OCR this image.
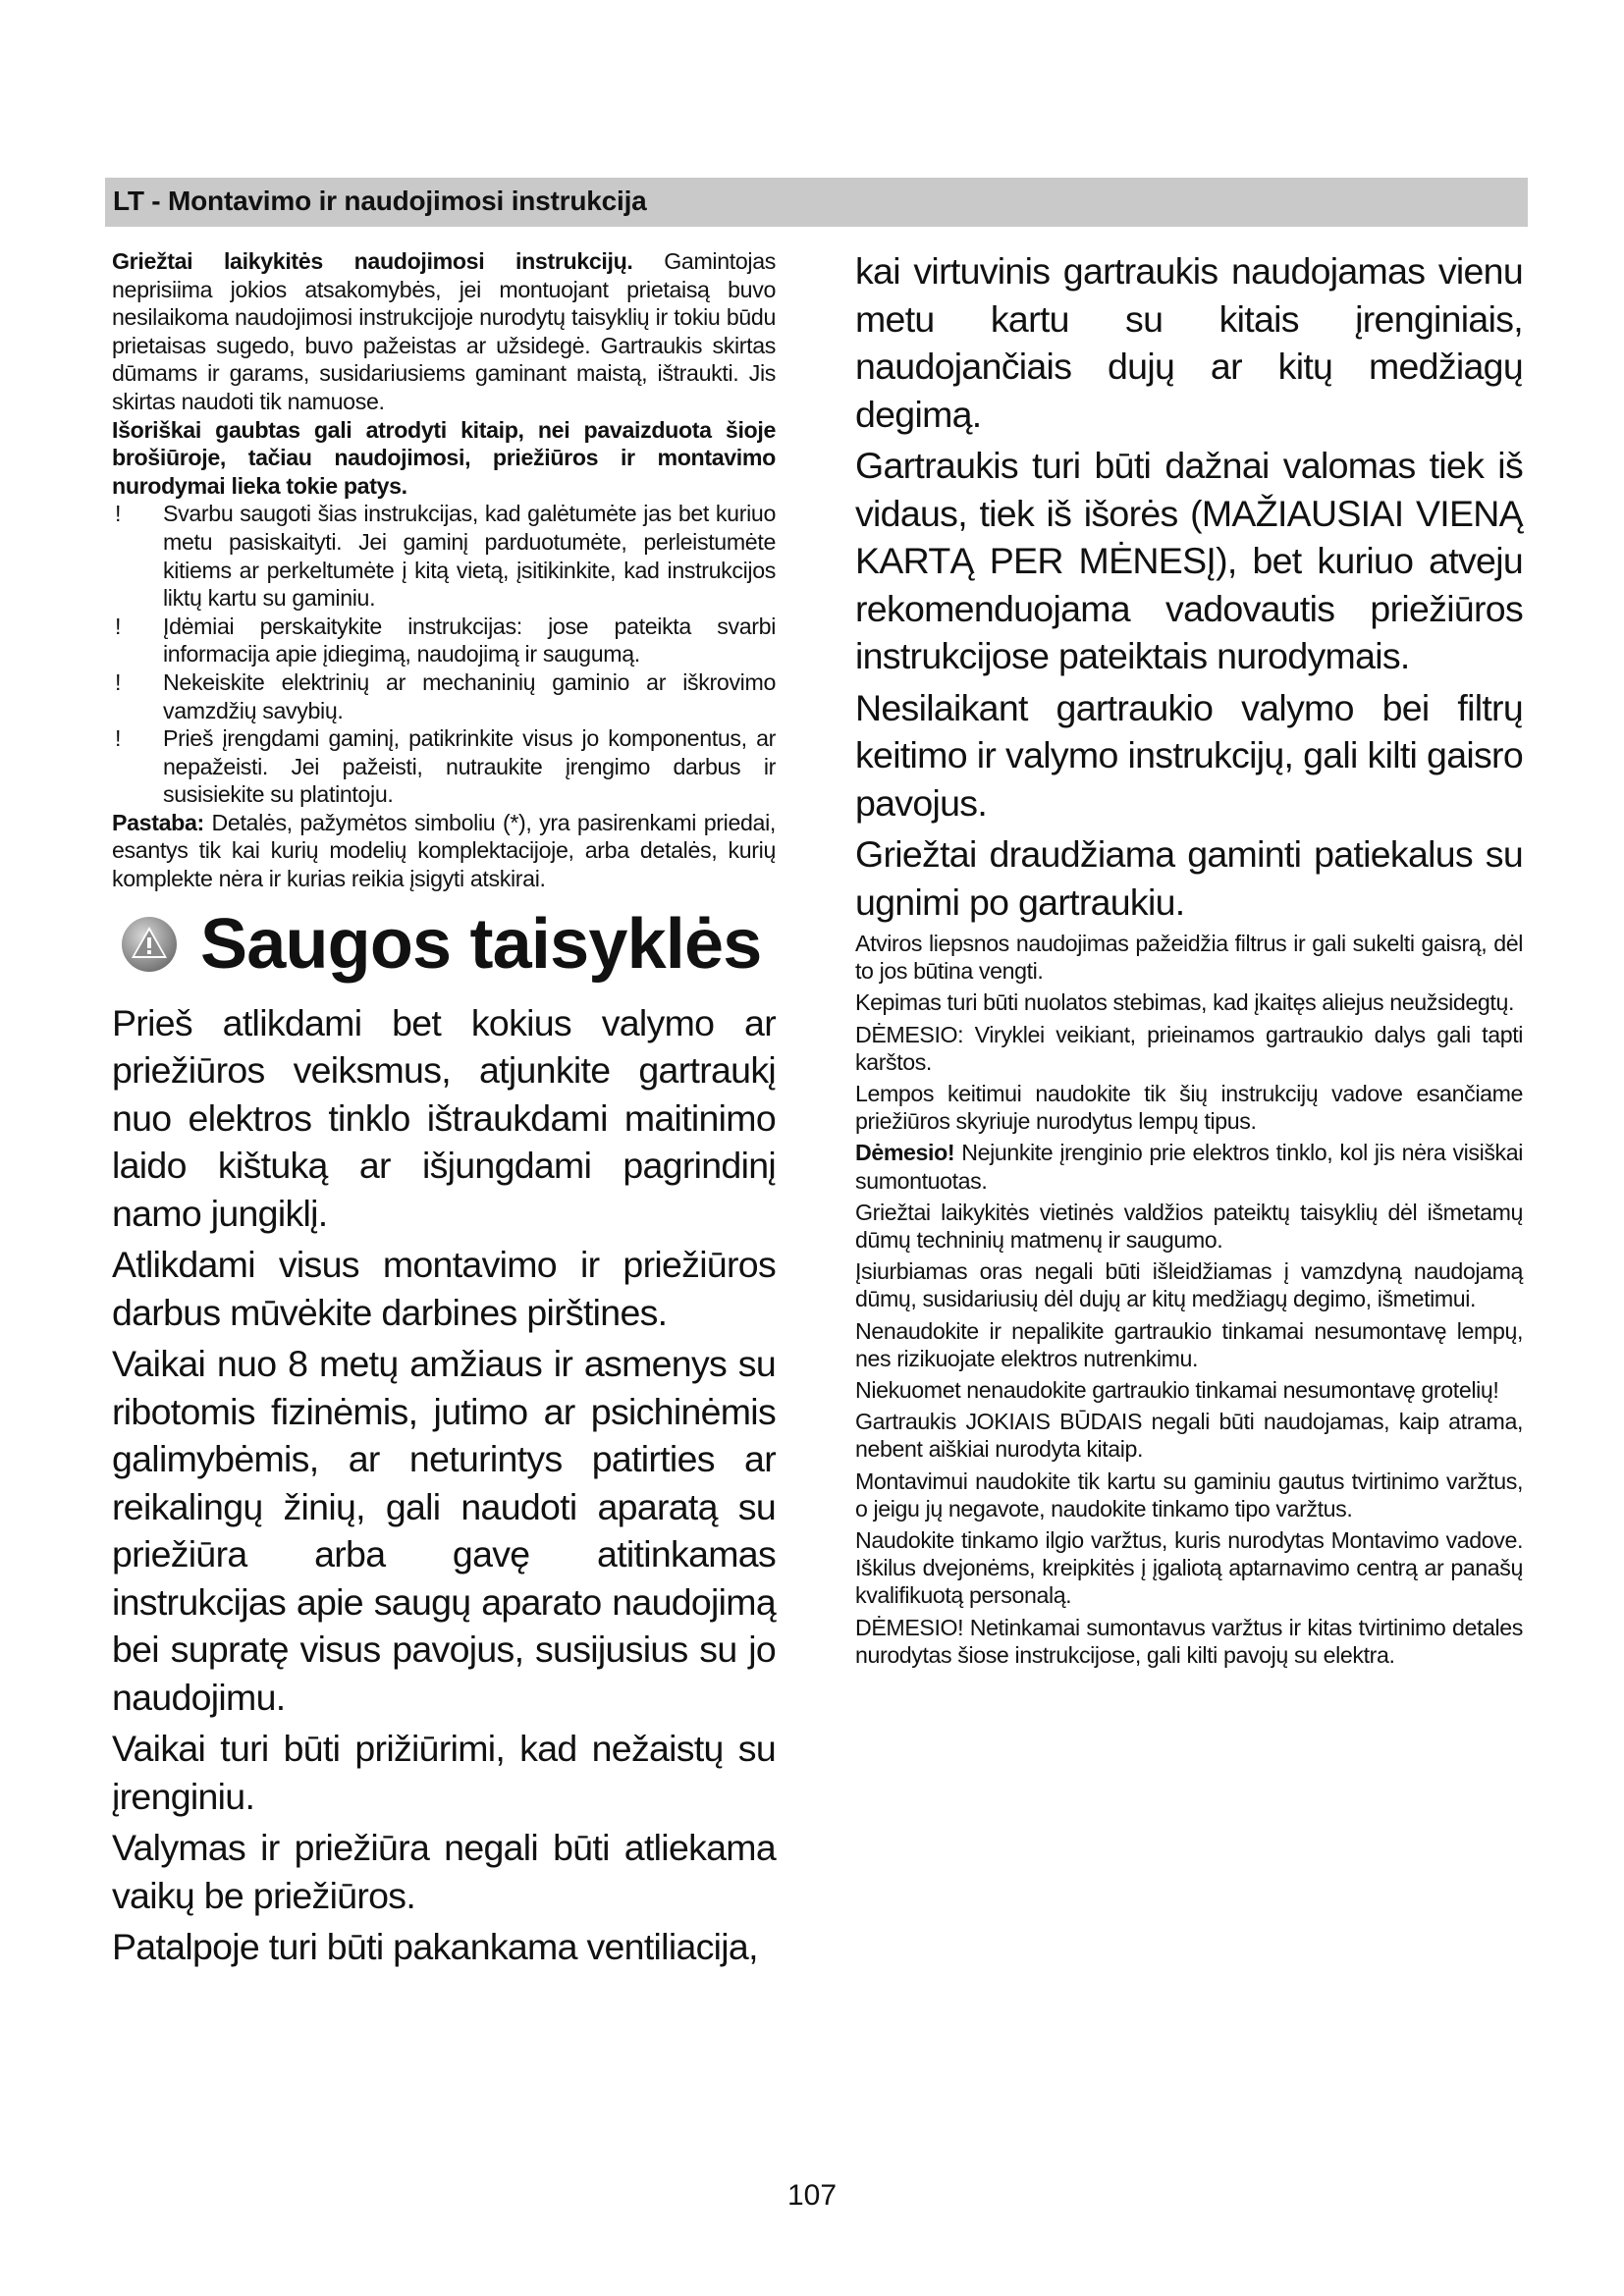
LT - Montavimo ir naudojimosi instrukcija

Griežtai laikykitės naudojimosi instrukcijų. Gamintojas neprisiima jokios atsakomybės, jei montuojant prietaisą buvo nesilaikoma naudojimosi instrukcijoje nurodytų taisyklių ir tokiu būdu prietaisas sugedo, buvo pažeistas ar užsidegė. Gartraukis skirtas dūmams ir garams, susidariusiems gaminant maistą, ištraukti. Jis skirtas naudoti tik namuose.

Išoriškai gaubtas gali atrodyti kitaip, nei pavaizduota šioje brošiūroje, tačiau naudojimosi, priežiūros ir montavimo nurodymai lieka tokie patys.

! Svarbu saugoti šias instrukcijas, kad galėtumėte jas bet kuriuo metu pasiskaityti. Jei gaminį parduotumėte, perleistumėte kitiems ar perkeltumėte į kitą vietą, įsitikinkite, kad instrukcijos liktų kartu su gaminiu.
! Įdėmiai perskaitykite instrukcijas: jose pateikta svarbi informacija apie įdiegimą, naudojimą ir saugumą.
! Nekeiskite elektrinių ar mechaninių gaminio ar iškrovimo vamzdžių savybių.
! Prieš įrengdami gaminį, patikrinkite visus jo komponentus, ar nepažeisti. Jei pažeisti, nutraukite įrengimo darbus ir susisiekite su platintoju.

Pastaba: Detalės, pažymėtos simboliu (*), yra pasirenkami priedai, esantys tik kai kurių modelių komplektacijoje, arba detalės, kurių komplekte nėra ir kurias reikia įsigyti atskirai.

Saugos taisyklės

Prieš atlikdami bet kokius valymo ar priežiūros veiksmus, atjunkite gartraukį nuo elektros tinklo ištraukdami maitinimo laido kištuką ar išjungdami pagrindinį namo jungiklį.

Atlikdami visus montavimo ir priežiūros darbus mūvėkite darbines pirštines.

Vaikai nuo 8 metų amžiaus ir asmenys su ribotomis fizinėmis, jutimo ar psichinėmis galimybėmis, ar neturintys patirties ar reikalingų žinių, gali naudoti aparatą su priežiūra arba gavę atitinkamas instrukcijas apie saugų aparato naudojimą bei supratę visus pavojus, susijusius su jo naudojimu.

Vaikai turi būti prižiūrimi, kad nežaistų su įrenginiu.

Valymas ir priežiūra negali būti atliekama vaikų be priežiūros.

Patalpoje turi būti pakankama ventiliacija,

kai virtuvinis gartraukis naudojamas vienu metu kartu su kitais įrenginiais, naudojančiais dujų ar kitų medžiagų degimą.

Gartraukis turi būti dažnai valomas tiek iš vidaus, tiek iš išorės (MAŽIAUSIAI VIENĄ KARTĄ PER MĖNESĮ), bet kuriuo atveju rekomenduojama vadovautis priežiūros instrukcijose pateiktais nurodymais.

Nesilaikant gartraukio valymo bei filtrų keitimo ir valymo instrukcijų, gali kilti gaisro pavojus.

Griežtai draudžiama gaminti patiekalus su ugnimi po gartraukiu.

Atviros liepsnos naudojimas pažeidžia filtrus ir gali sukelti gaisrą, dėl to jos būtina vengti.

Kepimas turi būti nuolatos stebimas, kad įkaitęs aliejus neužsidegtų.

DĖMESIO: Viryklei veikiant, prieinamos gartraukio dalys gali tapti karštos.

Lempos keitimui naudokite tik šių instrukcijų vadove esančiame priežiūros skyriuje nurodytus lempų tipus.

Dėmesio! Nejunkite įrenginio prie elektros tinklo, kol jis nėra visiškai sumontuotas.

Griežtai laikykitės vietinės valdžios pateiktų taisyklių dėl išmetamų dūmų techninių matmenų ir saugumo.

Įsiurbiamas oras negali būti išleidžiamas į vamzdyną naudojamą dūmų, susidariusių dėl dujų ar kitų medžiagų degimo, išmetimui.

Nenaudokite ir nepalikite gartraukio tinkamai nesumontavę lempų, nes rizikuojate elektros nutrenkimu.

Niekuomet nenaudokite gartraukio tinkamai nesumontavę grotelių!

Gartraukis JOKIAIS BŪDAIS negali būti naudojamas, kaip atrama, nebent aiškiai nurodyta kitaip.

Montavimui naudokite tik kartu su gaminiu gautus tvirtinimo varžtus, o jeigu jų negavote, naudokite tinkamo tipo varžtus.

Naudokite tinkamo ilgio varžtus, kuris nurodytas Montavimo vadove. Iškilus dvejonėms, kreipkitės į įgaliotą aptarnavimo centrą ar panašų kvalifikuotą personalą.

DĖMESIO! Netinkamai sumontavus varžtus ir kitas tvirtinimo detales nurodytas šiose instrukcijose, gali kilti pavojų su elektra.

107
